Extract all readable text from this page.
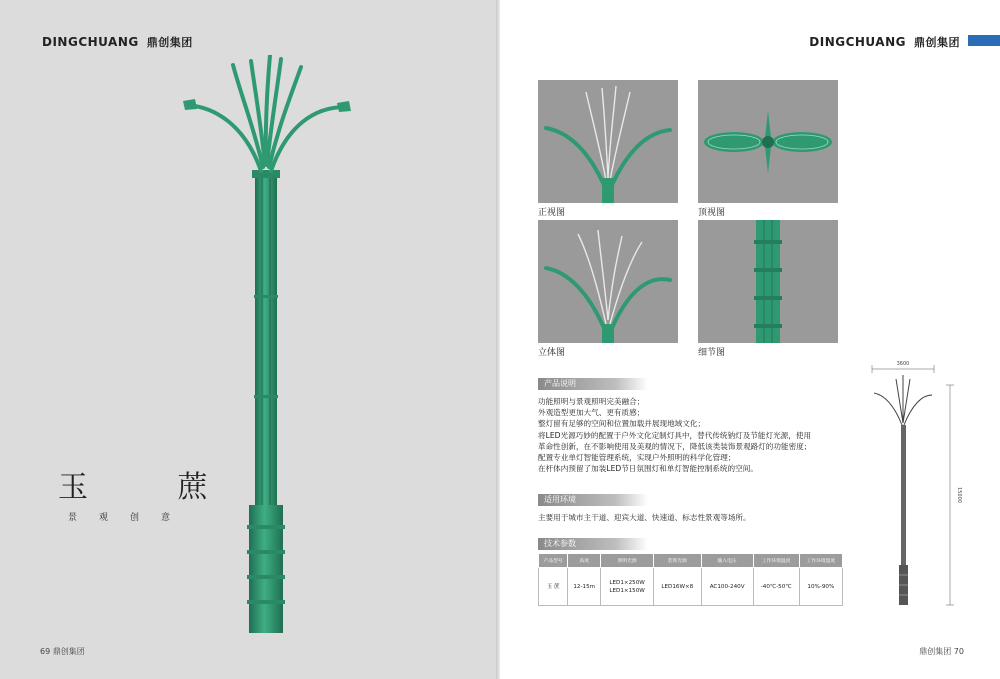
DINGCHUANG 鼎创集团
玉 蔗
景观创意
69 鼎创集团
DINGCHUANG 鼎创集团
正视图	顶视图
立体图	细节图
产品说明

功能照明与景观照明完美融合；

外观造型更加大气、更有质感；

整灯留有足够的空间和位置加载并展现地域文化；

将LED光源巧妙的配置于户外文化定制灯具中，替代传统钠灯及节能灯光源，使用

革命性创新，在不影响使用及美观的情况下，降低该类装饰景观路灯的功能密度；

配置专业单灯智能管理系统，实现户外照明的科学化管理；

在杆体内预留了加装LED节日氛围灯和单灯智能控制系统的空间。

适用环境
主要用于城市主干道、迎宾大道、快速道、标志性景观等场所。
技术参数
产品型号	高度	照明光源	装饰光源	输入电压	工作环境温度	工作环境湿度
玉 蔗	12-15m	LED1×250W
LED1×150W	LED16W×8	AC100-240V	-40℃-50℃	10%-90%
3600
15000
鼎创集团 70
